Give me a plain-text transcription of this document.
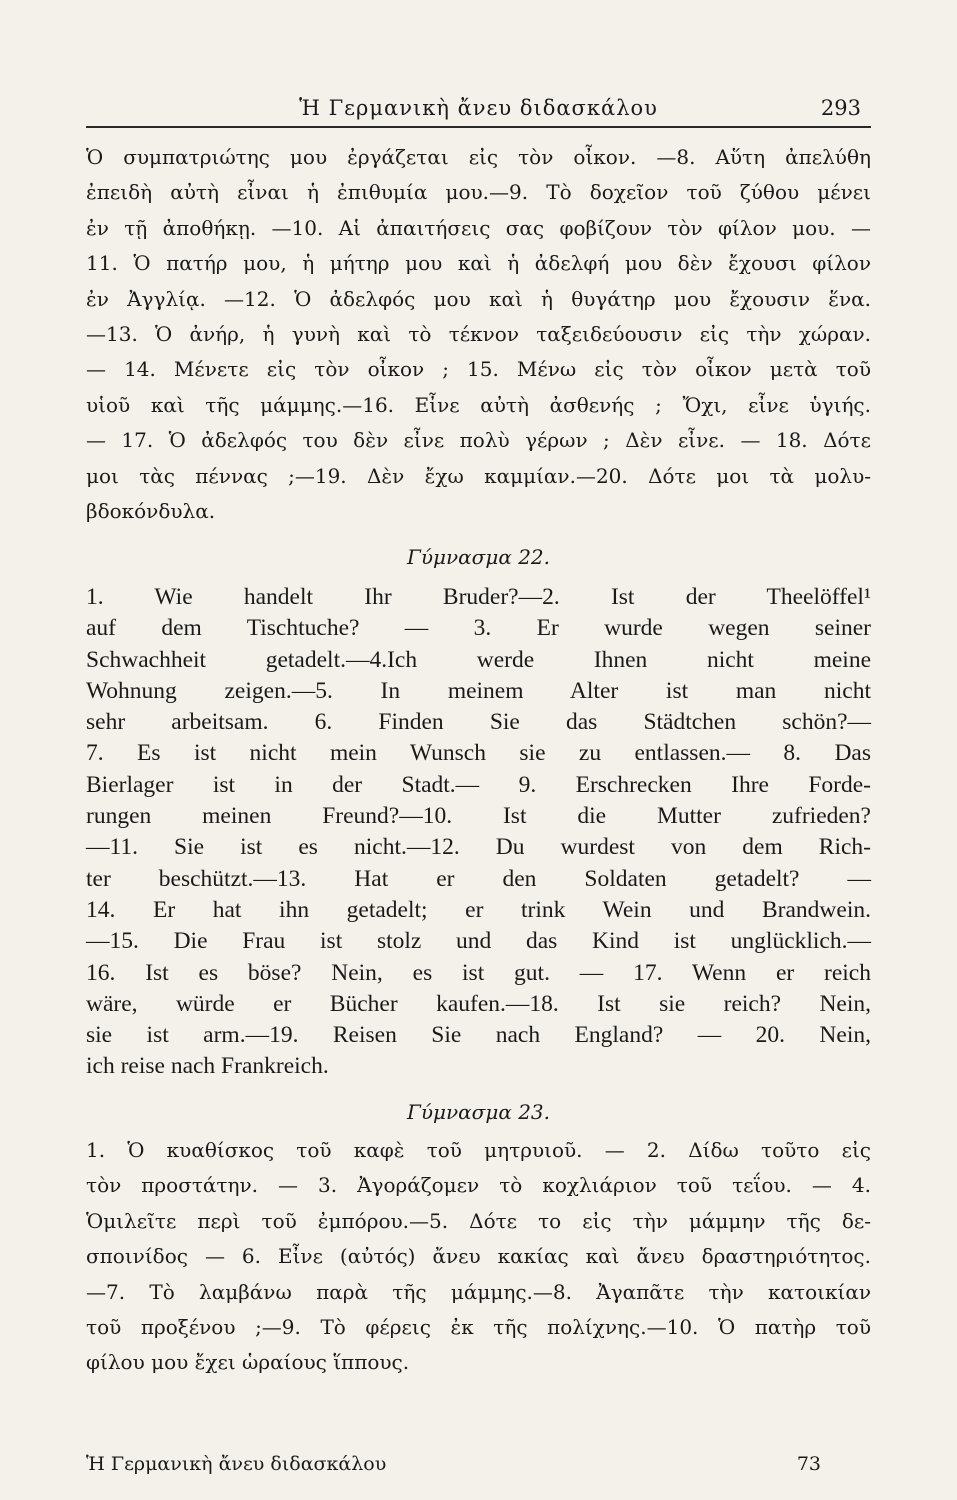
Ἡ Γερμανικὴ ἄνευ διδασκάλου	293
Ὁ συμπατριώτης μου ἐργάζεται εἰς τὸν οἶκον. —8. Αὕτη ἀπελύθη
ἐπειδὴ αὐτὴ εἶναι ἡ ἐπιθυμία μου.—9. Τὸ δοχεῖον τοῦ ζύθου μένει
ἐν τῇ ἀποθήκῃ. —10. Αἱ ἀπαιτήσεις σας φοβίζουν τὸν φίλον μου. —
11. Ὁ πατήρ μου, ἡ μήτηρ μου καὶ ἡ ἀδελφή μου δὲν ἔχουσι φίλον
ἐν Ἀγγλίᾳ. —12. Ὁ ἀδελφός μου καὶ ἡ θυγάτηρ μου ἔχουσιν ἕνα.
—13. Ὁ ἀνήρ, ἡ γυνὴ καὶ τὸ τέκνον ταξειδεύουσιν εἰς τὴν χώραν.
— 14. Μένετε εἰς τὸν οἶκον ; 15. Μένω εἰς τὸν οἶκον μετὰ τοῦ
υἱοῦ καὶ τῆς μάμμης.—16. Εἶνε αὐτὴ ἀσθενής ; Ὄχι, εἶνε ὑγιής.
— 17. Ὁ ἀδελφός του δὲν εἶνε πολὺ γέρων ; Δὲν εἶνε. — 18. Δότε
μοι τὰς πέννας ;—19. Δὲν ἔχω καμμίαν.—20. Δότε μοι τὰ μολυ-
βδοκόνδυλα.
Γύμνασμα 22.
1. Wie handelt Ihr Bruder?—2. Ist der Theelöffel¹
auf dem Tischtuche? — 3. Er wurde wegen seiner
Schwachheit getadelt.—4.Ich werde Ihnen nicht meine
Wohnung zeigen.—5. In meinem Alter ist man nicht
sehr arbeitsam. 6. Finden Sie das Städtchen schön?—
7. Es ist nicht mein Wunsch sie zu entlassen.— 8. Das
Bierlager ist in der Stadt.— 9. Erschrecken Ihre Forde-
rungen meinen Freund?—10. Ist die Mutter zufrieden?
—11. Sie ist es nicht.—12. Du wurdest von dem Rich-
ter beschützt.—13. Hat er den Soldaten getadelt? —
14. Er hat ihn getadelt; er trink Wein und Brandwein.
—15. Die Frau ist stolz und das Kind ist unglücklich.—
16. Ist es böse? Nein, es ist gut. — 17. Wenn er reich
wäre, würde er Bücher kaufen.—18. Ist sie reich? Nein,
sie ist arm.—19. Reisen Sie nach England? — 20. Nein,
ich reise nach Frankreich.
Γύμνασμα 23.
1. Ὁ κυαθίσκος τοῦ καφὲ τοῦ μητρυιοῦ. — 2. Δίδω τοῦτο εἰς
τὸν προστάτην. — 3. Ἀγοράζομεν τὸ κοχλιάριον τοῦ τεΐου. — 4.
Ὁμιλεῖτε περὶ τοῦ ἐμπόρου.—5. Δότε το εἰς τὴν μάμμην τῆς δε-
σποινίδος — 6. Εἶνε (αὐτός) ἄνευ κακίας καὶ ἄνευ δραστηριότητος.
—7. Τὸ λαμβάνω παρὰ τῆς μάμμης.—8. Ἀγαπᾶτε τὴν κατοικίαν
τοῦ προξένου ;—9. Τὸ φέρεις ἐκ τῆς πολίχνης.—10. Ὁ πατὴρ τοῦ
φίλου μου ἔχει ὡραίους ἵππους.
Ἡ Γερμανικὴ ἄνευ διδασκάλου	73
